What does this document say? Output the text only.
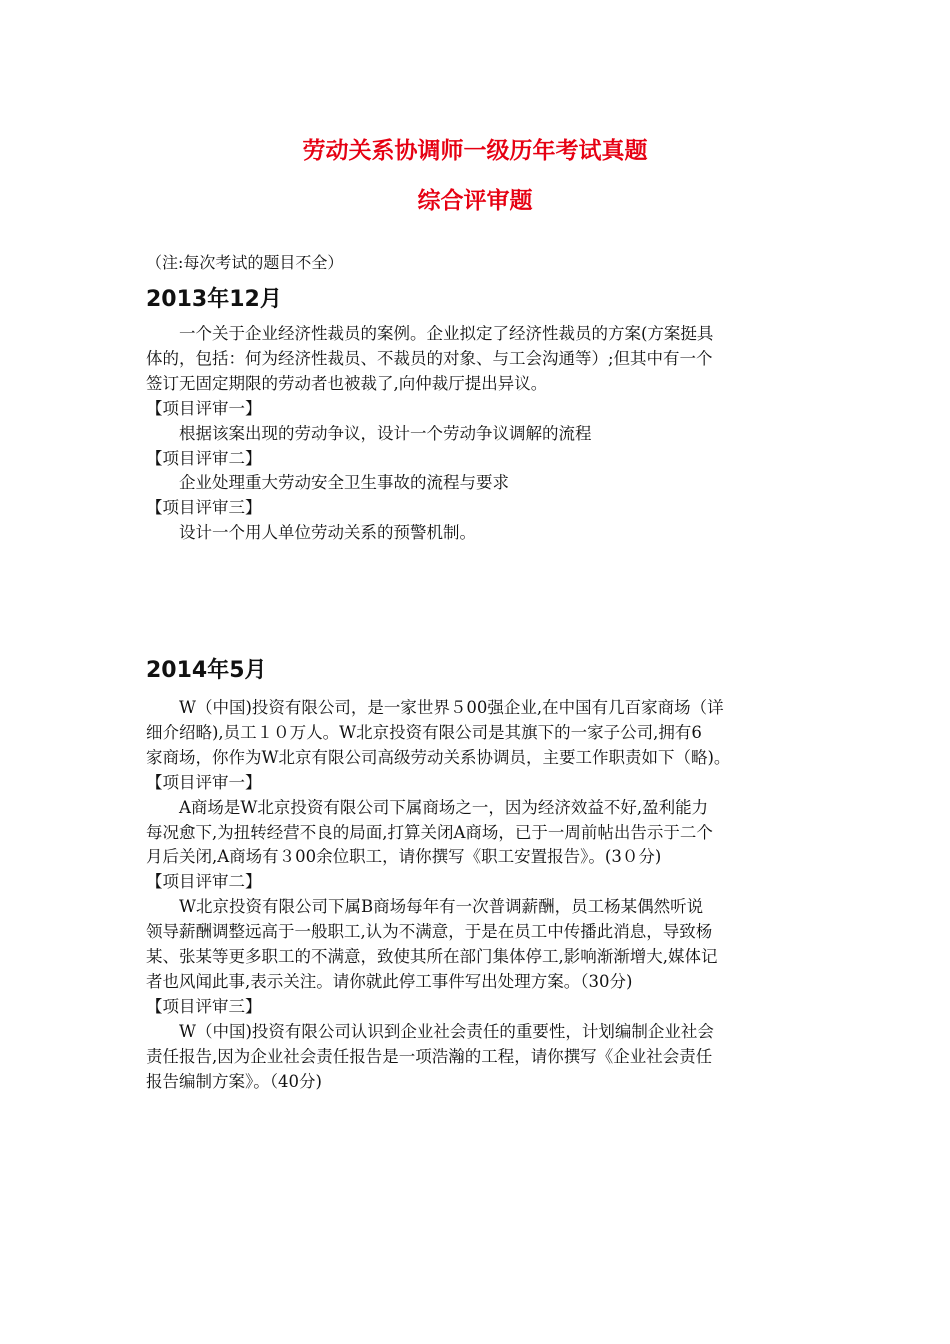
劳动关系协调师一级历年考试真题
综合评审题
（注:每次考试的题目不全）
2013年12月

一个关于企业经济性裁员的案例。企业拟定了经济性裁员的方案(方案挺具
体的，包括：何为经济性裁员、不裁员的对象、与工会沟通等）;但其中有一个
签订无固定期限的劳动者也被裁了,向仲裁厅提出异议。

【项目评审一】

根据该案出现的劳动争议，设计一个劳动争议调解的流程

【项目评审二】

企业处理重大劳动安全卫生事故的流程与要求

【项目评审三】

设计一个用人单位劳动关系的预警机制。

2014年5月

W（中国)投资有限公司，是一家世界５00强企业,在中国有几百家商场（详
细介绍略),员工１０万人。W北京投资有限公司是其旗下的一家子公司,拥有6
家商场，你作为W北京有限公司高级劳动关系协调员，主要工作职责如下（略)。

【项目评审一】

A商场是W北京投资有限公司下属商场之一，因为经济效益不好,盈利能力
每况愈下,为扭转经营不良的局面,打算关闭A商场，已于一周前帖出告示于二个
月后关闭,A商场有３00余位职工，请你撰写《职工安置报告》。(3０分)

【项目评审二】

W北京投资有限公司下属B商场每年有一次普调薪酬，员工杨某偶然听说
领导薪酬调整远高于一般职工,认为不满意，于是在员工中传播此消息，导致杨
某、张某等更多职工的不满意，致使其所在部门集体停工,影响渐渐增大,媒体记
者也风闻此事,表示关注。请你就此停工事件写出处理方案。（30分)

【项目评审三】

W（中国)投资有限公司认识到企业社会责任的重要性，计划编制企业社会
责任报告,因为企业社会责任报告是一项浩瀚的工程，请你撰写《企业社会责任
报告编制方案》。（40分)
